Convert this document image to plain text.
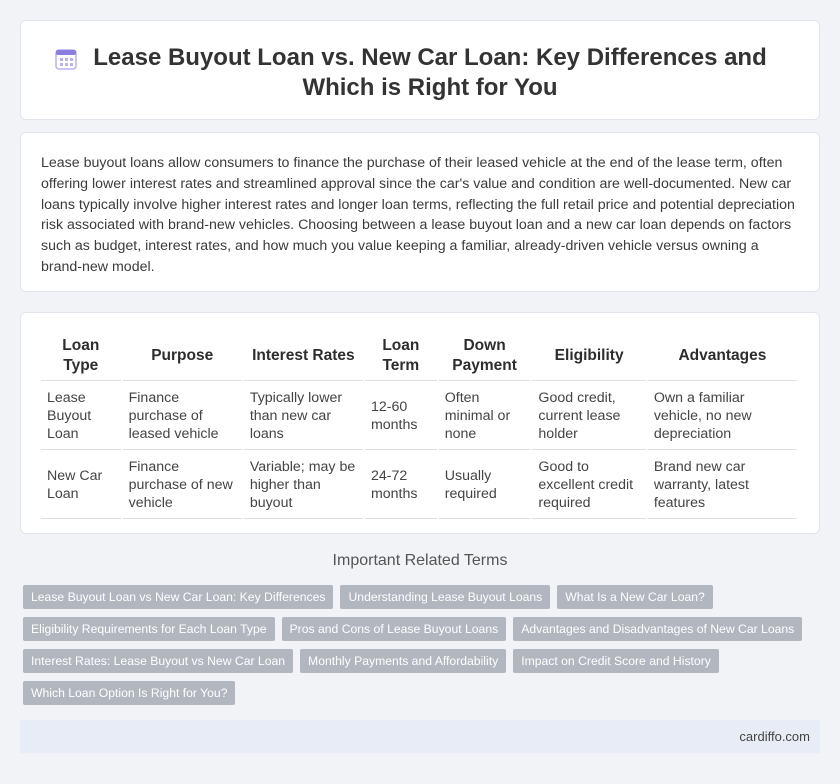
Lease Buyout Loan vs. New Car Loan: Key Differences and Which is Right for You

Lease buyout loans allow consumers to finance the purchase of their leased vehicle at the end of the lease term, often offering lower interest rates and streamlined approval since the car's value and condition are well-documented. New car loans typically involve higher interest rates and longer loan terms, reflecting the full retail price and potential depreciation risk associated with brand-new vehicles. Choosing between a lease buyout loan and a new car loan depends on factors such as budget, interest rates, and how much you value keeping a familiar, already-driven vehicle versus owning a brand-new model.

Loan Type	Purpose	Interest Rates	Loan Term	Down Payment	Eligibility	Advantages
Lease Buyout Loan	Finance purchase of leased vehicle	Typically lower than new car loans	12-60 months	Often minimal or none	Good credit, current lease holder	Own a familiar vehicle, no new depreciation
New Car Loan	Finance purchase of new vehicle	Variable; may be higher than buyout	24-72 months	Usually required	Good to excellent credit required	Brand new car warranty, latest features
Important Related Terms
Lease Buyout Loan vs New Car Loan: Key Differences	Understanding Lease Buyout Loans	What Is a New Car Loan?
Eligibility Requirements for Each Loan Type	Pros and Cons of Lease Buyout Loans	Advantages and Disadvantages of New Car Loans
Interest Rates: Lease Buyout vs New Car Loan	Monthly Payments and Affordability	Impact on Credit Score and History
Which Loan Option Is Right for You?
cardiffo.com
